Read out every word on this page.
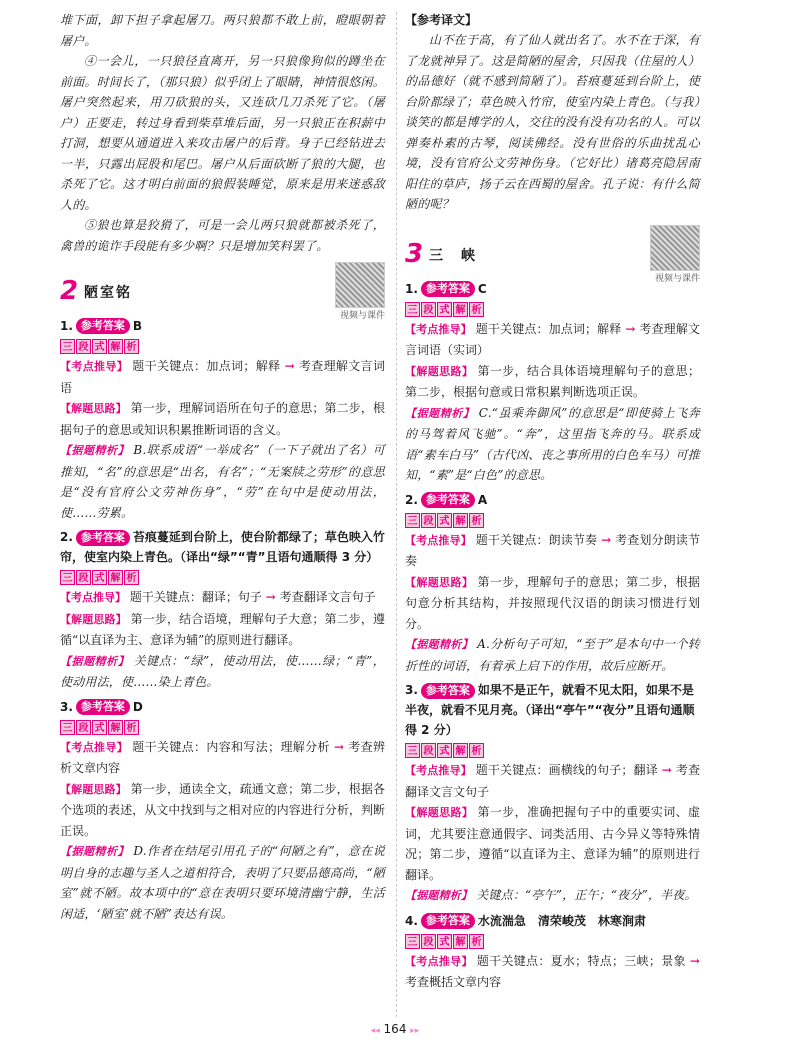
堆下面，卸下担子拿起屠刀。两只狼都不敢上前，瞪眼朝着屠户。

④一会儿，一只狼径直离开，另一只狼像狗似的蹲坐在前面。时间长了，（那只狼）似乎闭上了眼睛，神情很悠闲。屠户突然起来，用刀砍狼的头，又连砍几刀杀死了它。（屠户）正要走，转过身看到柴草堆后面，另一只狼正在积薪中打洞，想要从通道进入来攻击屠户的后背。身子已经钻进去一半，只露出屁股和尾巴。屠户从后面砍断了狼的大腿，也杀死了它。这才明白前面的狼假装睡觉，原来是用来迷惑敌人的。

⑤狼也算是狡猾了，可是一会儿两只狼就都被杀死了，禽兽的诡诈手段能有多少啊？只是增加笑料罢了。

2 陋室铭
视频与课件
1. 参考答案 B
三 段 式 解 析

【考点推导】 题干关键点：加点词；解释 → 考查理解文言词语

【解题思路】 第一步，理解词语所在句子的意思；第二步，根据句子的意思或知识积累推断词语的含义。

【据题精析】 B.联系成语“一举成名”（一下子就出了名）可推知，“名”的意思是“出名，有名”；“无案牍之劳形”的意思是“没有官府公文劳神伤身”，“劳”在句中是使动用法，使……劳累。

2. 参考答案 苔痕蔓延到台阶上，使台阶都绿了；草色映入竹帘，使室内染上青色。（译出“绿”“青”且语句通顺得 3 分）
三 段 式 解 析

【考点推导】 题干关键点：翻译；句子 → 考查翻译文言句子

【解题思路】 第一步，结合语境，理解句子大意；第二步，遵循“以直译为主、意译为辅”的原则进行翻译。

【据题精析】 关键点：“绿”，使动用法，使……绿；“青”，使动用法，使……染上青色。

3. 参考答案 D
三 段 式 解 析

【考点推导】 题干关键点：内容和写法；理解分析 → 考查辨析文章内容

【解题思路】 第一步，通读全文，疏通文意；第二步，根据各个选项的表述，从文中找到与之相对应的内容进行分析，判断正误。

【据题精析】 D.作者在结尾引用孔子的“何陋之有”，意在说明自身的志趣与圣人之道相符合，表明了只要品德高尚，“陋室”就不陋。故本项中的“意在表明只要环境清幽宁静，生活闲适，‘陋室’就不陋”表达有误。

【参考译文】

山不在于高，有了仙人就出名了。水不在于深，有了龙就神异了。这是简陋的屋舍，只因我（住屋的人）的品德好（就不感到简陋了）。苔痕蔓延到台阶上，使台阶都绿了；草色映入竹帘，使室内染上青色。（与我）谈笑的都是博学的人，交往的没有没有功名的人。可以弹奏朴素的古琴，阅读佛经。没有世俗的乐曲扰乱心境，没有官府公文劳神伤身。（它好比）诸葛亮隐居南阳住的草庐，扬子云在西蜀的屋舍。孔子说：有什么简陋的呢？

3 三　峡
视频与课件
1. 参考答案 C
三 段 式 解 析

【考点推导】 题干关键点：加点词；解释 → 考查理解文言词语（实词）

【解题思路】 第一步，结合具体语境理解句子的意思；第二步，根据句意或日常积累判断选项正误。

【据题精析】 C.“虽乘奔御风”的意思是“即使骑上飞奔的马驾着风飞驰”。“奔”，这里指飞奔的马。联系成语“素车白马”（古代凶、丧之事所用的白色车马）可推知，“素”是“白色”的意思。

2. 参考答案 A
三 段 式 解 析

【考点推导】 题干关键点：朗读节奏 → 考查划分朗读节奏

【解题思路】 第一步，理解句子的意思；第二步，根据句意分析其结构，并按照现代汉语的朗读习惯进行划分。

【据题精析】 A.分析句子可知，“至于”是本句中一个转折性的词语，有着承上启下的作用，故后应断开。

3. 参考答案 如果不是正午，就看不见太阳，如果不是半夜，就看不见月亮。（译出“亭午”“夜分”且语句通顺得 2 分）
三 段 式 解 析

【考点推导】 题干关键点：画横线的句子；翻译 → 考查翻译文言文句子

【解题思路】 第一步，准确把握句子中的重要实词、虚词，尤其要注意通假字、词类活用、古今异义等特殊情况；第二步，遵循“以直译为主、意译为辅”的原则进行翻译。

【据题精析】 关键点：“亭午”，正午；“夜分”，半夜。

4. 参考答案 水流湍急　清荣峻茂　林寒涧肃
三 段 式 解 析

【考点推导】 题干关键点：夏水；特点；三峡；景象 → 考查概括文章内容

◂◂ 164 ▸▸
